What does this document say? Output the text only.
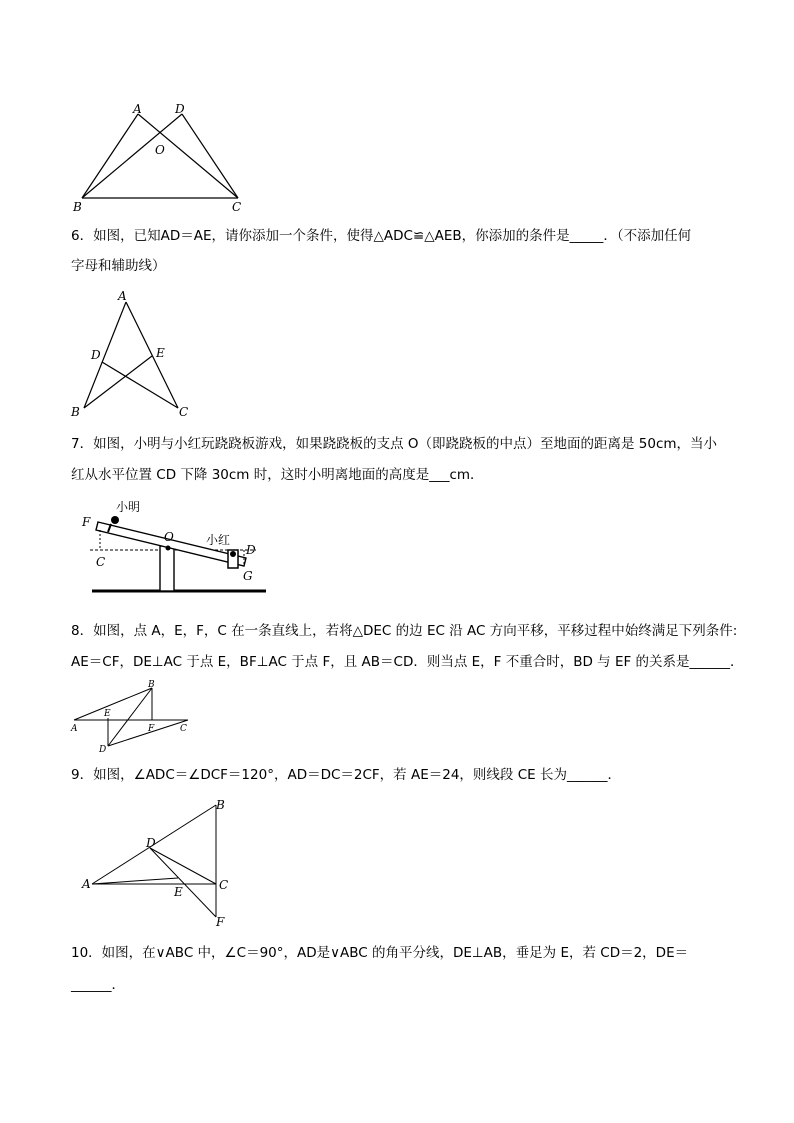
A	D
O
B	C
6．如图，已知AD＝AE，请你添加一个条件，使得△ADC≌△AEB，你添加的条件是_____．（不添加任何
字母和辅助线）
A
D	E
B	C
7．如图，小明与小红玩跷跷板游戏，如果跷跷板的支点 O（即跷跷板的中点）至地面的距离是 50cm，当小
红从水平位置 CD 下降 30cm 时，这时小明离地面的高度是___cm．
小明
小红
F
O
D
C
G
8．如图，点 A，E，F，C 在一条直线上，若将△DEC 的边 EC 沿 AC 方向平移，平移过程中始终满足下列条件:
AE＝CF，DE⊥AC 于点 E，BF⊥AC 于点 F，且 AB＝CD．则当点 E，F 不重合时，BD 与 EF 的关系是______．
B
E
A	F	C
D
9．如图，∠ADC＝∠DCF＝120°，AD＝DC＝2CF，若 AE＝24，则线段 CE 长为______．
B
D
A	C
E
F
10．如图，在∨ABC 中，∠C＝90°，AD是∨ABC 的角平分线，DE⊥AB，垂足为 E，若 CD＝2，DE＝
______．
